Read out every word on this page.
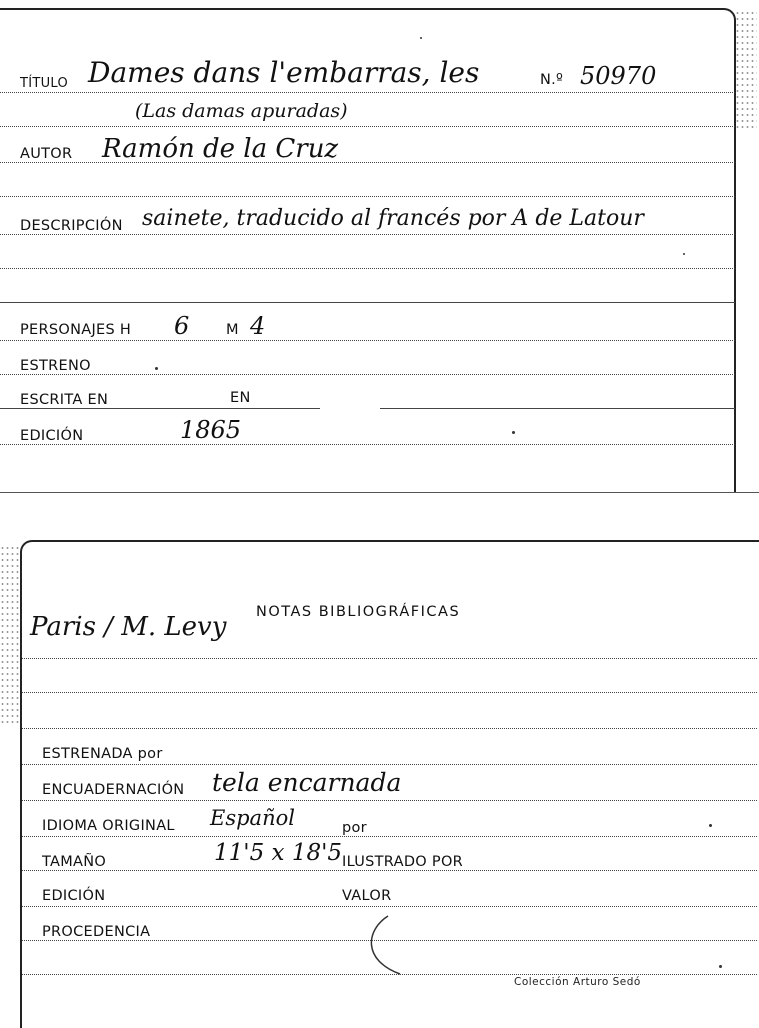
TÍTULO Dames dans l'embarras, les	N.º 50970
(Las damas apuradas)
AUTOR Ramón de la Cruz
DESCRIPCIÓN sainete, traducido al francés por A de Latour
PERSONAJES H 6	M 4
ESTRENO
ESCRITA EN	EN
EDICIÓN	1865
NOTAS BIBLIOGRÁFICAS
Paris / M. Levy
ESTRENADA por
ENCUADERNACIÓN tela encarnada
IDIOMA ORIGINAL Español	por
TAMAÑO	11'5 x 18'5 ILUSTRADO POR
EDICIÓN	VALOR
PROCEDENCIA
Colección Arturo Sedó
